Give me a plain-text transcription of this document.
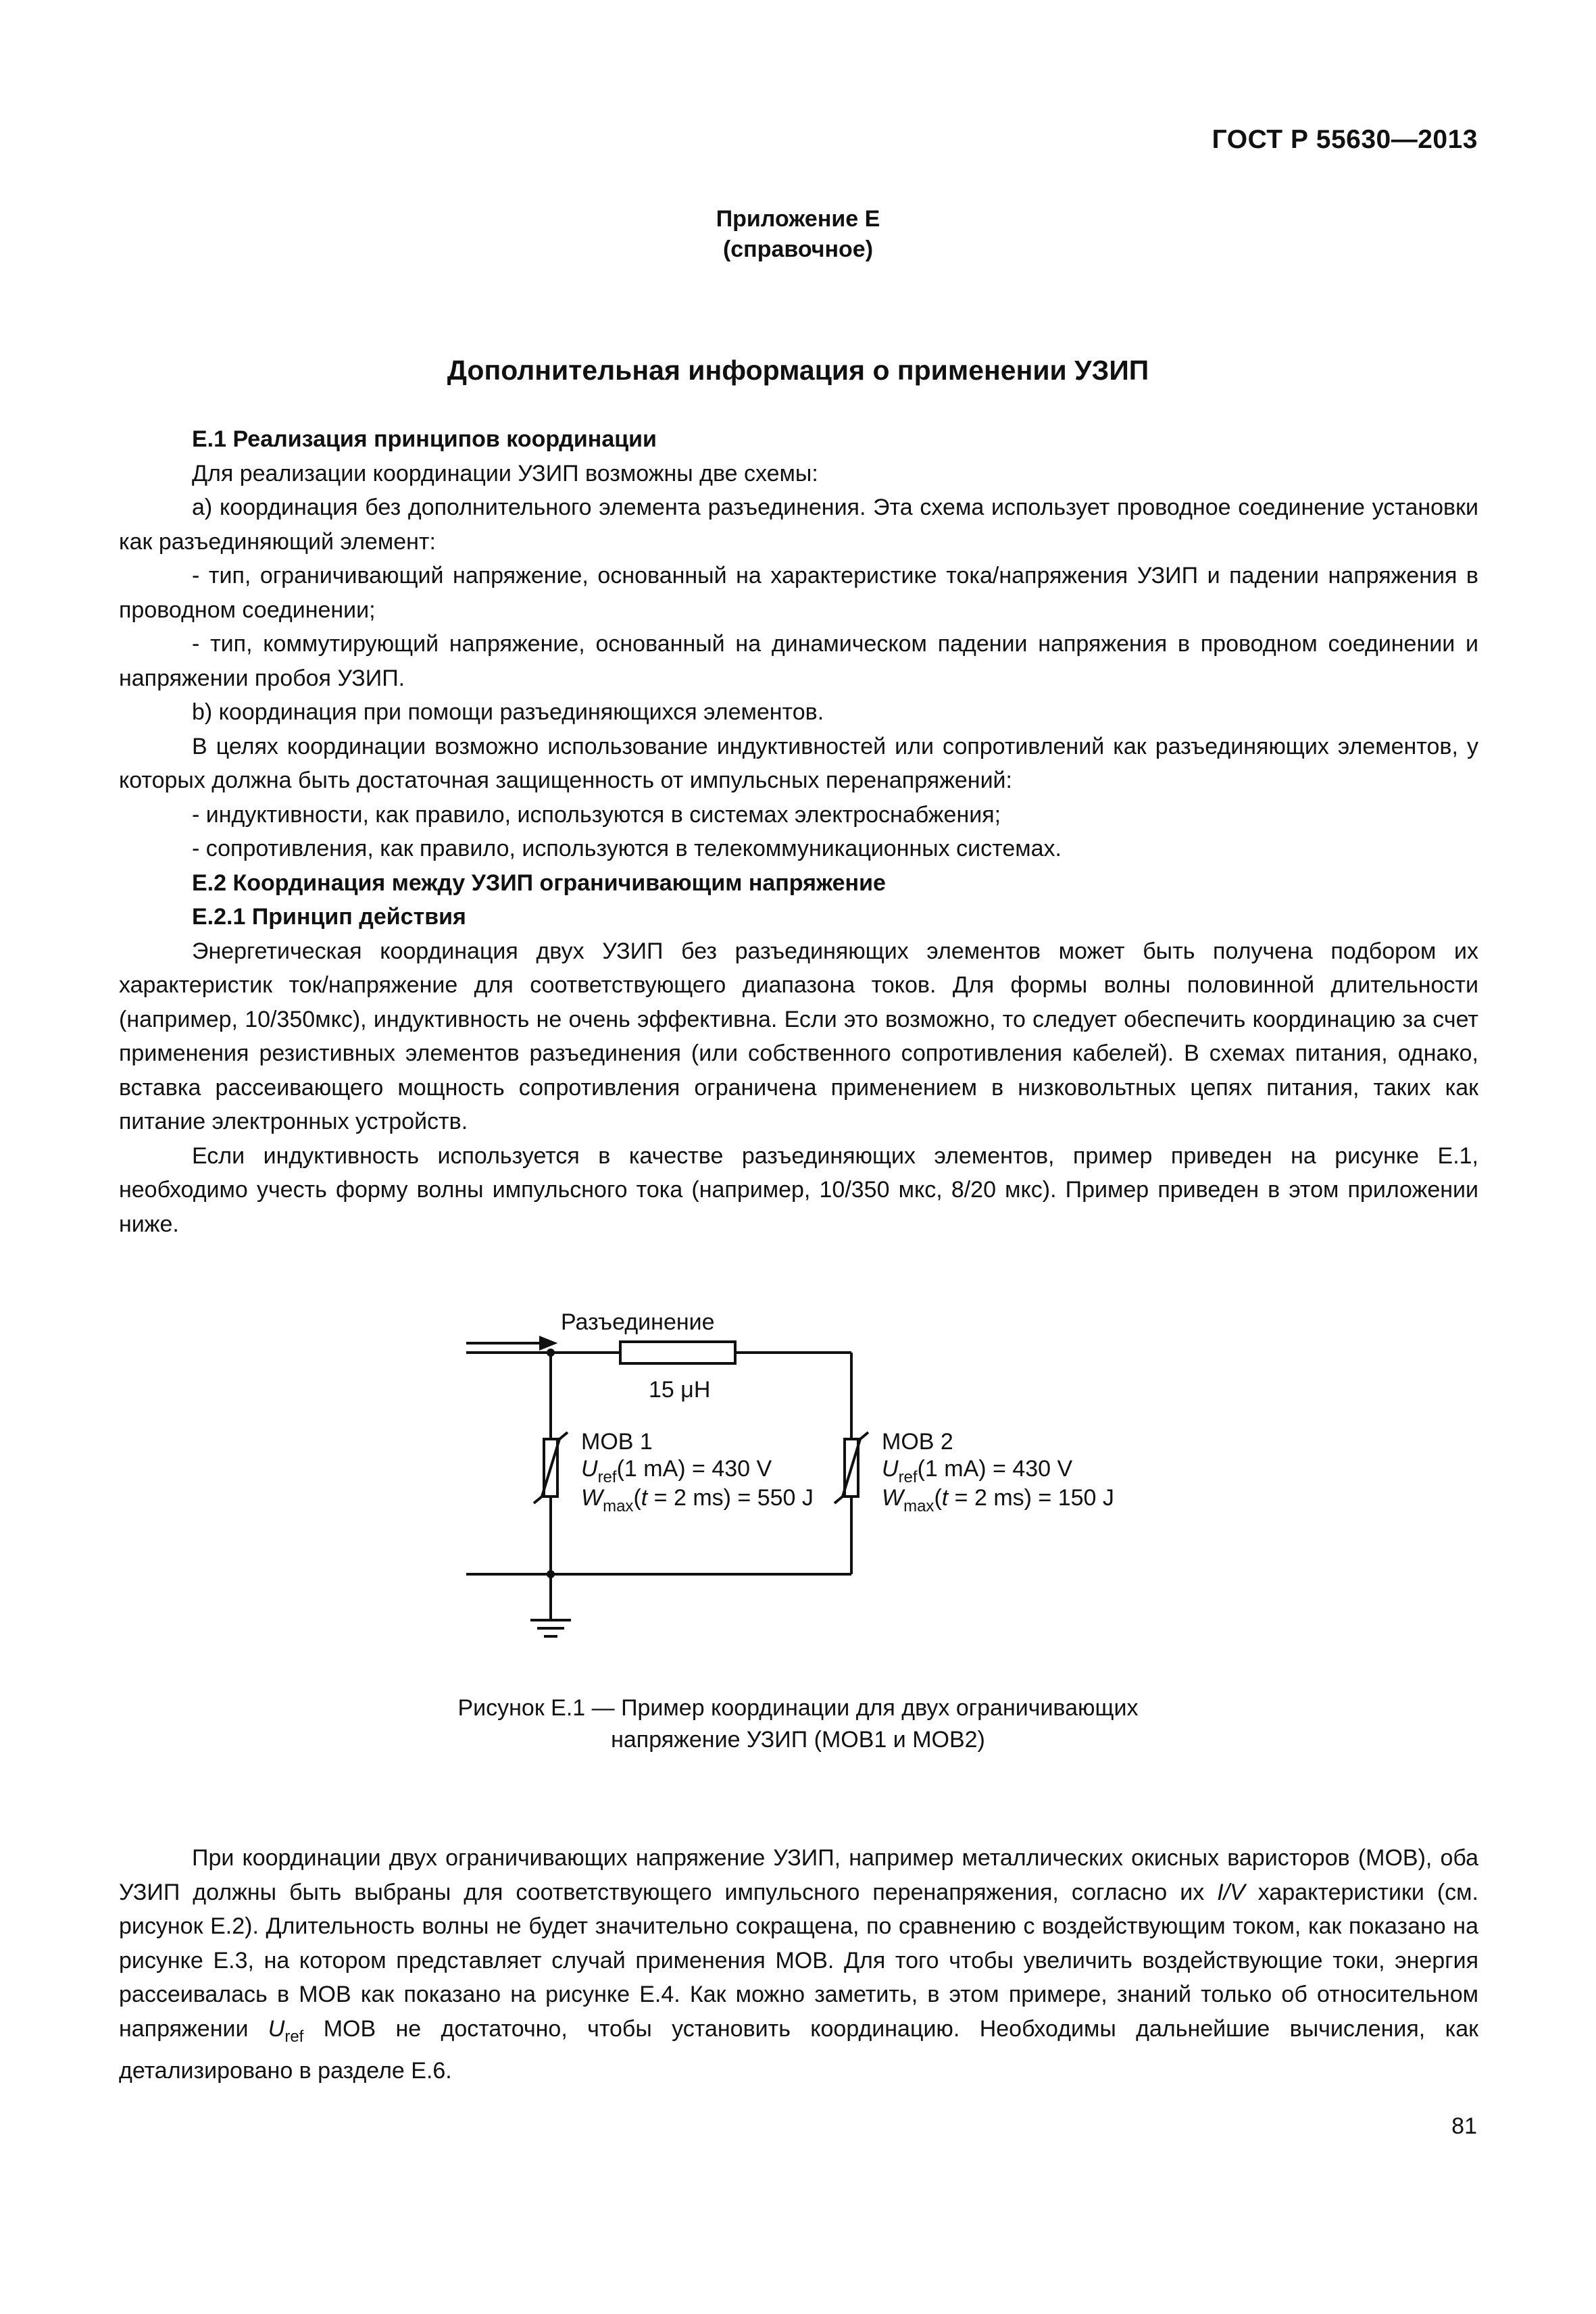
ГОСТ Р 55630—2013
Приложение Е
(справочное)
Дополнительная информация о применении УЗИП

Е.1 Реализация принципов координации

Для реализации координации УЗИП возможны две схемы:

а) координация без дополнительного элемента разъединения. Эта схема использует проводное соединение установки как разъединяющий элемент:

- тип, ограничивающий напряжение, основанный на характеристике тока/напряжения УЗИП и падении напряжения в проводном соединении;

- тип, коммутирующий напряжение, основанный на динамическом падении напряжения в проводном соединении и напряжении пробоя УЗИП.

b) координация при помощи разъединяющихся элементов.

В целях координации возможно использование индуктивностей или сопротивлений как разъединяющих элементов, у которых должна быть достаточная защищенность от импульсных перенапряжений:

- индуктивности, как правило, используются в системах электроснабжения;

- сопротивления, как правило, используются в телекоммуникационных системах.

Е.2 Координация между УЗИП ограничивающим напряжение

Е.2.1 Принцип действия

Энергетическая координация двух УЗИП без разъединяющих элементов может быть получена подбором их характеристик ток/напряжение для соответствующего диапазона токов. Для формы волны половинной длительности (например, 10/350мкс), индуктивность не очень эффективна. Если это возможно, то следует обеспечить координацию за счет применения резистивных элементов разъединения (или собственного сопротивления кабелей). В схемах питания, однако, вставка рассеивающего мощность сопротивления ограничена применением в низковольтных цепях питания, таких как питание электронных устройств.

Если индуктивность используется в качестве разъединяющих элементов, пример приведен на рисунке Е.1, необходимо учесть форму волны импульсного тока (например, 10/350 мкс, 8/20 мкс). Пример приведен в этом приложении ниже.

Разъединение
15 μH
МОВ 1
$U_{ref}(1$ mA) = 430 V
$W_{max}(t = 2$ ms) = 550 J
МОВ 2
$U_{ref}(1$ mA) = 430 V
$W_{max}(t = 2$ ms) = 150 J
Рисунок Е.1 — Пример координации для двух ограничивающих
напряжение УЗИП (МОВ1 и МОВ2)

При координации двух ограничивающих напряжение УЗИП, например металлических окисных варисторов (МОВ), оба УЗИП должны быть выбраны для соответствующего импульсного перенапряжения, согласно их I/V характеристики (см. рисунок Е.2). Длительность волны не будет значительно сокращена, по сравнению с воздействующим током, как показано на рисунке Е.3, на котором представляет случай применения МОВ. Для того чтобы увеличить воздействующие токи, энергия рассеивалась в МОВ как показано на рисунке Е.4. Как можно заметить, в этом примере, знаний только об относительном напряжении $U_{ref}$ МОВ не достаточно, чтобы установить координацию. Необходимы дальнейшие вычисления, как детализировано в разделе Е.6.

81
